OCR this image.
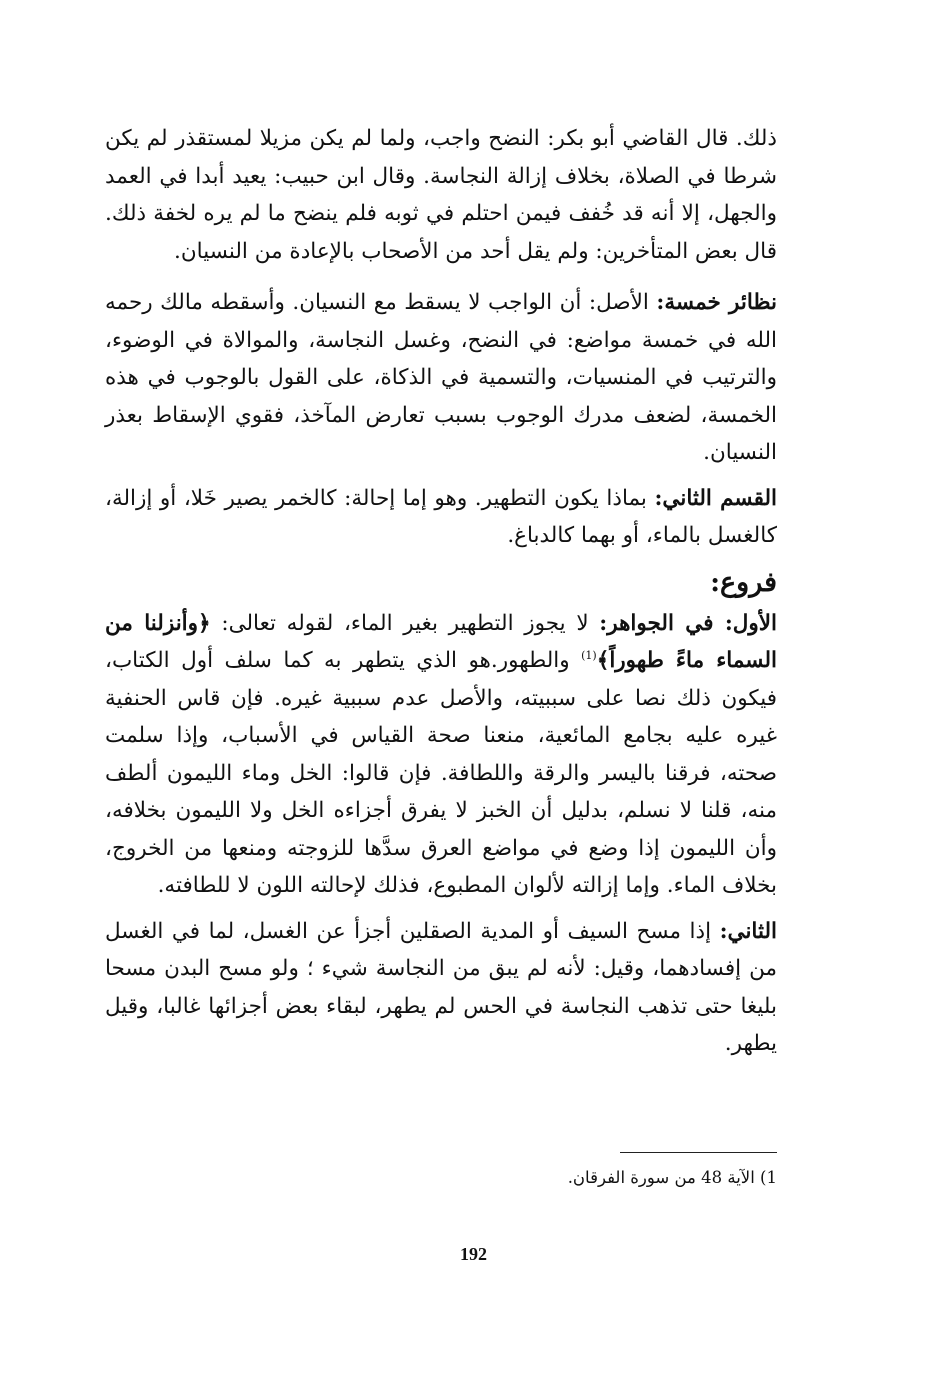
ذلك. قال القاضي أبو بكر: النضح واجب، ولما لم يكن مزيلا لمستقذر لم يكن شرطا في الصلاة، بخلاف إزالة النجاسة. وقال ابن حبيب: يعيد أبدا في العمد والجهل، إلا أنه قد خُفف فيمن احتلم في ثوبه فلم ينضح ما لم يره لخفة ذلك. قال بعض المتأخرين: ولم يقل أحد من الأصحاب بالإعادة من النسيان.

نظائر خمسة: الأصل: أن الواجب لا يسقط مع النسيان. وأسقطه مالك رحمه الله في خمسة مواضع: في النضح، وغسل النجاسة، والموالاة في الوضوء، والترتيب في المنسيات، والتسمية في الذكاة، على القول بالوجوب في هذه الخمسة، لضعف مدرك الوجوب بسبب تعارض المآخذ، فقوي الإسقاط بعذر النسيان.

القسم الثاني: بماذا يكون التطهير. وهو إما إحالة: كالخمر يصير خَلا، أو إزالة، كالغسل بالماء، أو بهما كالدباغ.

فروع:

الأول: في الجواهر: لا يجوز التطهير بغير الماء، لقوله تعالى: ﴿وأنزلنا من السماء ماءً طهوراً﴾$^{(1)}$ والطهور.هو الذي يتطهر به كما سلف أول الكتاب، فيكون ذلك نصا على سببيته، والأصل عدم سببية غيره. فإن قاس الحنفية غيره عليه بجامع المائعية، منعنا صحة القياس في الأسباب، وإذا سلمت صحته، فرقنا باليسر والرقة واللطافة. فإن قالوا: الخل وماء الليمون ألطف منه، قلنا لا نسلم، بدليل أن الخبز لا يفرق أجزاءه الخل ولا الليمون بخلافه، وأن الليمون إذا وضع في مواضع العرق سدَّها للزوجته ومنعها من الخروج، بخلاف الماء. وإما إزالته لألوان المطبوع، فذلك لإحالته اللون لا للطافته.

الثاني: إذا مسح السيف أو المدية الصقلين أجزأ عن الغسل، لما في الغسل من إفسادهما، وقيل: لأنه لم يبق من النجاسة شيء ؛ ولو مسح البدن مسحا بليغا حتى تذهب النجاسة في الحس لم يطهر، لبقاء بعض أجزائها غالبا، وقيل يطهر.

1) الآية 48 من سورة الفرقان.
192
